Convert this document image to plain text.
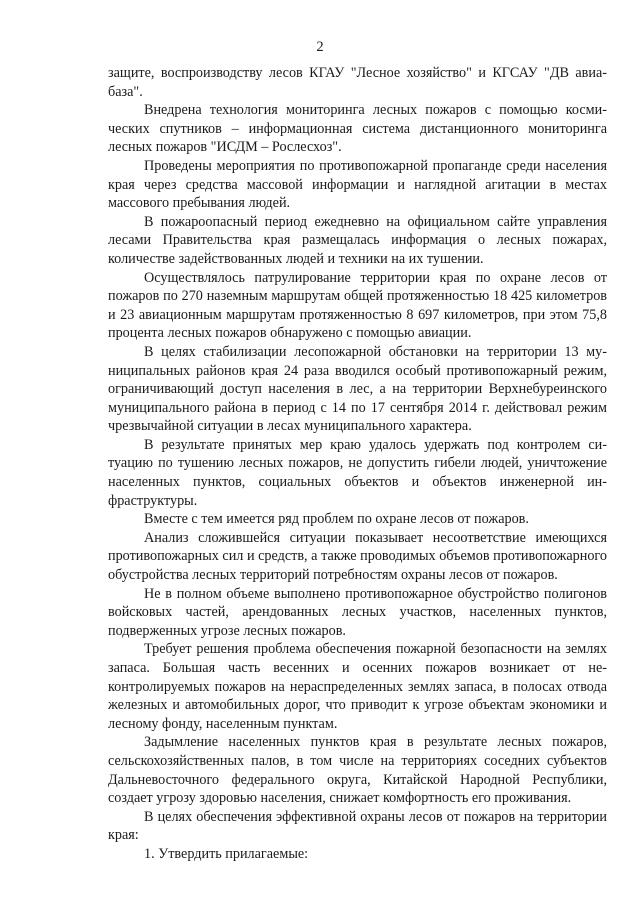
2

защите, воспроизводству лесов КГАУ "Лесное хозяйство" и КГСАУ "ДВ авиабаза".

Внедрена технология мониторинга лесных пожаров с помощью космических спутников – информационная система дистанционного мониторинга лесных пожаров "ИСДМ – Рослесхоз".

Проведены мероприятия по противопожарной пропаганде среди населения края через средства массовой информации и наглядной агитации в местах массового пребывания людей.

В пожароопасный период ежедневно на официальном сайте управления лесами Правительства края размещалась информация о лесных пожарах, количестве задействованных людей и техники на их тушении.

Осуществлялось патрулирование территории края по охране лесов от пожаров по 270 наземным маршрутам общей протяженностью 18 425 километров и 23 авиационным маршрутам протяженностью 8 697 километров, при этом 75,8 процента лесных пожаров обнаружено с помощью авиации.

В целях стабилизации лесопожарной обстановки на территории 13 муниципальных районов края 24 раза вводился особый противопожарный режим, ограничивающий доступ населения в лес, а на территории Верхнебуреинского муниципального района в период с 14 по 17 сентября 2014 г. действовал режим чрезвычайной ситуации в лесах муниципального характера.

В результате принятых мер краю удалось удержать под контролем ситуацию по тушению лесных пожаров, не допустить гибели людей, уничтожение населенных пунктов, социальных объектов и объектов инженерной инфраструктуры.

Вместе с тем имеется ряд проблем по охране лесов от пожаров.

Анализ сложившейся ситуации показывает несоответствие имеющихся противопожарных сил и средств, а также проводимых объемов противопожарного обустройства лесных территорий потребностям охраны лесов от пожаров.

Не в полном объеме выполнено противопожарное обустройство полигонов войсковых частей, арендованных лесных участков, населенных пунктов, подверженных угрозе лесных пожаров.

Требует решения проблема обеспечения пожарной безопасности на землях запаса. Большая часть весенних и осенних пожаров возникает от неконтролируемых пожаров на нераспределенных землях запаса, в полосах отвода железных и автомобильных дорог, что приводит к угрозе объектам экономики и лесному фонду, населенным пунктам.

Задымление населенных пунктов края в результате лесных пожаров, сельскохозяйственных палов, в том числе на территориях соседних субъектов Дальневосточного федерального округа, Китайской Народной Республики, создает угрозу здоровью населения, снижает комфортность его проживания.

В целях обеспечения эффективной охраны лесов от пожаров на территории края:

1. Утвердить прилагаемые:
